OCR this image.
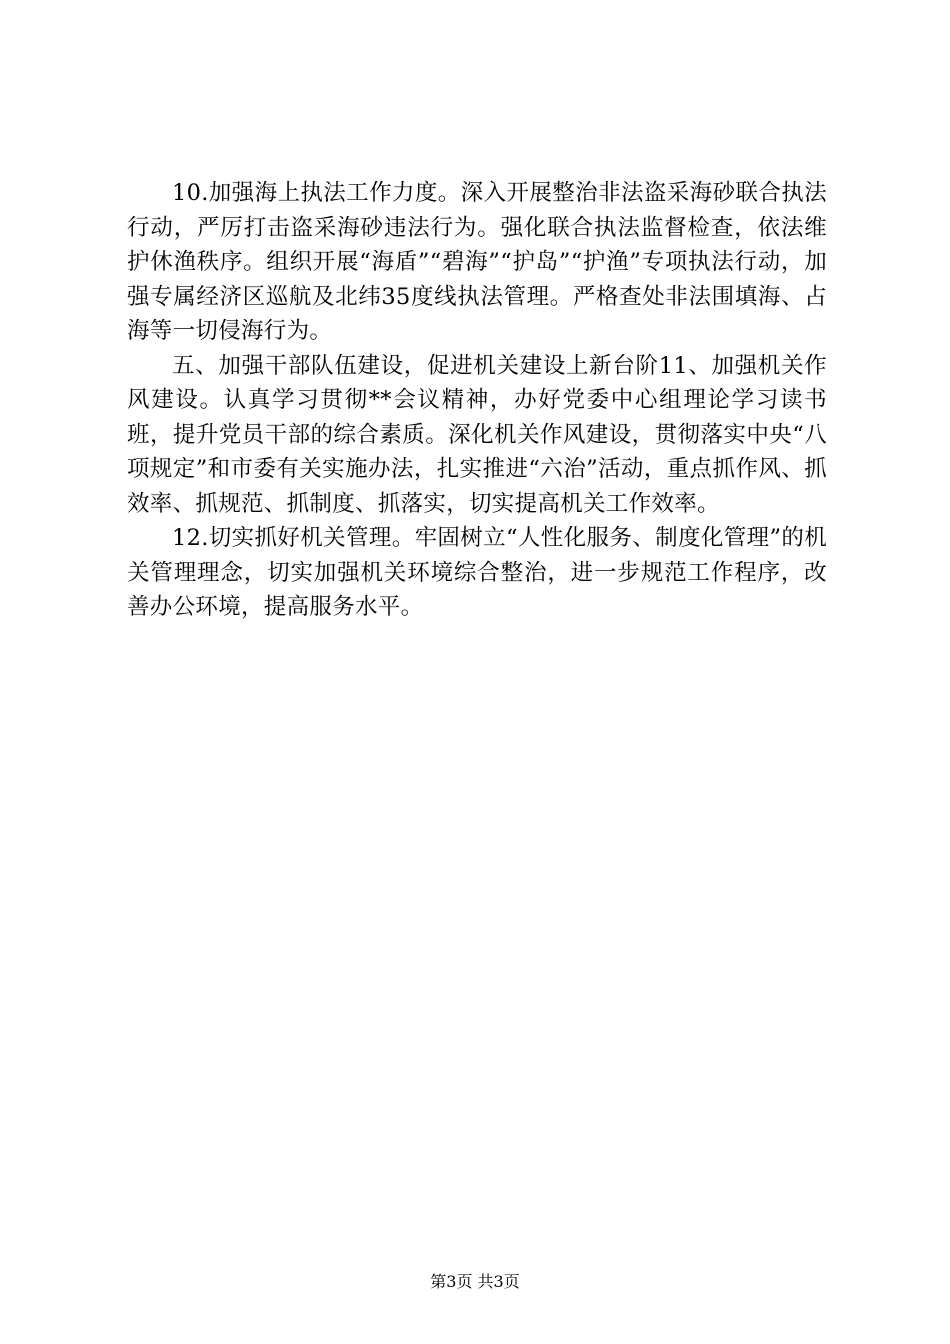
10.加强海上执法工作力度。深入开展整治非法盗采海砂联合执法行动，严厉打击盗采海砂违法行为。强化联合执法监督检查，依法维护休渔秩序。组织开展“海盾”“碧海”“护岛”“护渔”专项执法行动，加强专属经济区巡航及北纬35度线执法管理。严格查处非法围填海、占海等一切侵海行为。

五、加强干部队伍建设，促进机关建设上新台阶11、加强机关作风建设。认真学习贯彻**会议精神，办好党委中心组理论学习读书班，提升党员干部的综合素质。深化机关作风建设，贯彻落实中央“八项规定”和市委有关实施办法，扎实推进“六治”活动，重点抓作风、抓效率、抓规范、抓制度、抓落实，切实提高机关工作效率。

12.切实抓好机关管理。牢固树立“人性化服务、制度化管理”的机关管理理念，切实加强机关环境综合整治，进一步规范工作程序，改善办公环境，提高服务水平。

第3页 共3页
